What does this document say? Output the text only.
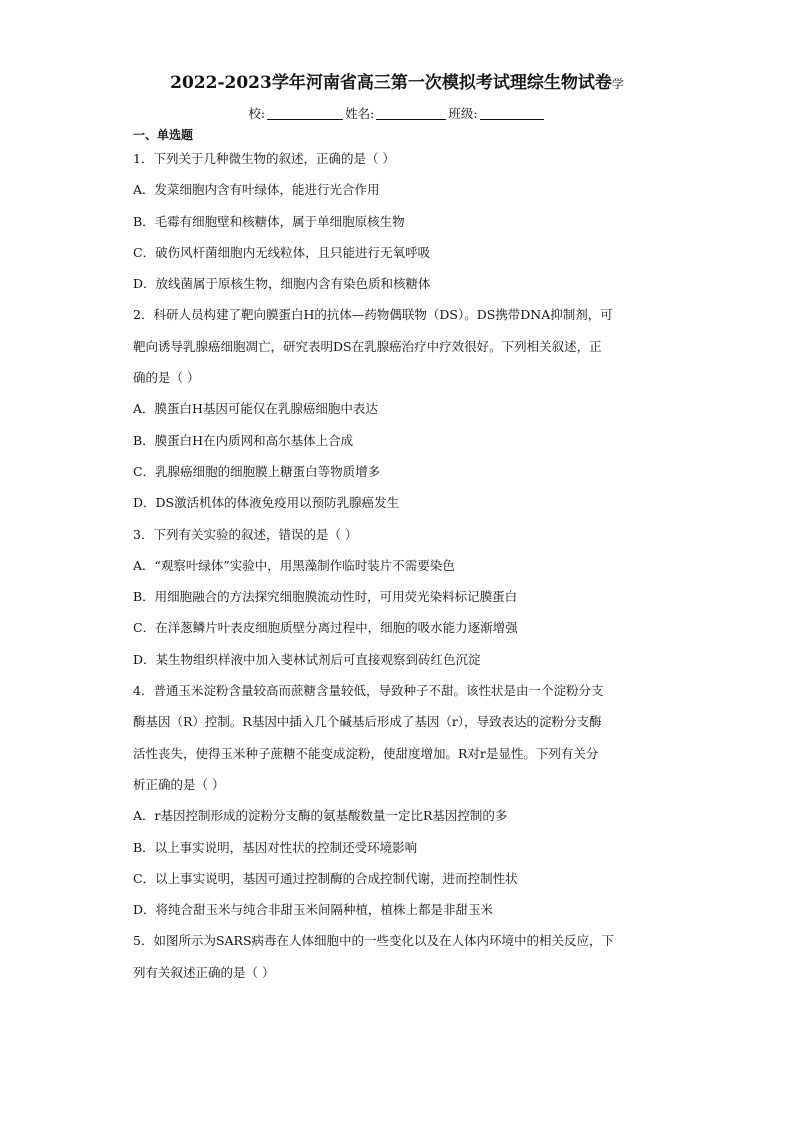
2022-2023学年河南省高三第一次模拟考试理综生物试卷学
校:	姓名:	班级:
一、单选题
1．下列关于几种微生物的叙述，正确的是（ ）
A．发菜细胞内含有叶绿体，能进行光合作用
B．毛霉有细胞壁和核糖体，属于单细胞原核生物
C．破伤风杆菌细胞内无线粒体，且只能进行无氧呼吸
D．放线菌属于原核生物，细胞内含有染色质和核糖体
2．科研人员构建了靶向膜蛋白H的抗体—药物偶联物（DS）。DS携带DNA抑制剂，可
靶向诱导乳腺癌细胞凋亡，研究表明DS在乳腺癌治疗中疗效很好。下列相关叙述，正
确的是（ ）
A．膜蛋白H基因可能仅在乳腺癌细胞中表达
B．膜蛋白H在内质网和高尔基体上合成
C．乳腺癌细胞的细胞膜上糖蛋白等物质增多
D．DS激活机体的体液免疫用以预防乳腺癌发生
3．下列有关实验的叙述，错误的是（ ）
A．“观察叶绿体”实验中，用黑藻制作临时装片不需要染色
B．用细胞融合的方法探究细胞膜流动性时，可用荧光染料标记膜蛋白
C．在洋葱鳞片叶表皮细胞质壁分离过程中，细胞的吸水能力逐渐增强
D．某生物组织样液中加入斐林试剂后可直接观察到砖红色沉淀
4．普通玉米淀粉含量较高而蔗糖含量较低，导致种子不甜。该性状是由一个淀粉分支
酶基因（R）控制。R基因中插入几个碱基后形成了基因（r），导致表达的淀粉分支酶
活性丧失，使得玉米种子蔗糖不能变成淀粉，使甜度增加。R对r是显性。下列有关分
析正确的是（ ）
A．r基因控制形成的淀粉分支酶的氨基酸数量一定比R基因控制的多
B．以上事实说明，基因对性状的控制还受环境影响
C．以上事实说明，基因可通过控制酶的合成控制代谢，进而控制性状
D．将纯合甜玉米与纯合非甜玉米间隔种植，植株上都是非甜玉米
5．如图所示为SARS病毒在人体细胞中的一些变化以及在人体内环境中的相关反应，下
列有关叙述正确的是（ ）
